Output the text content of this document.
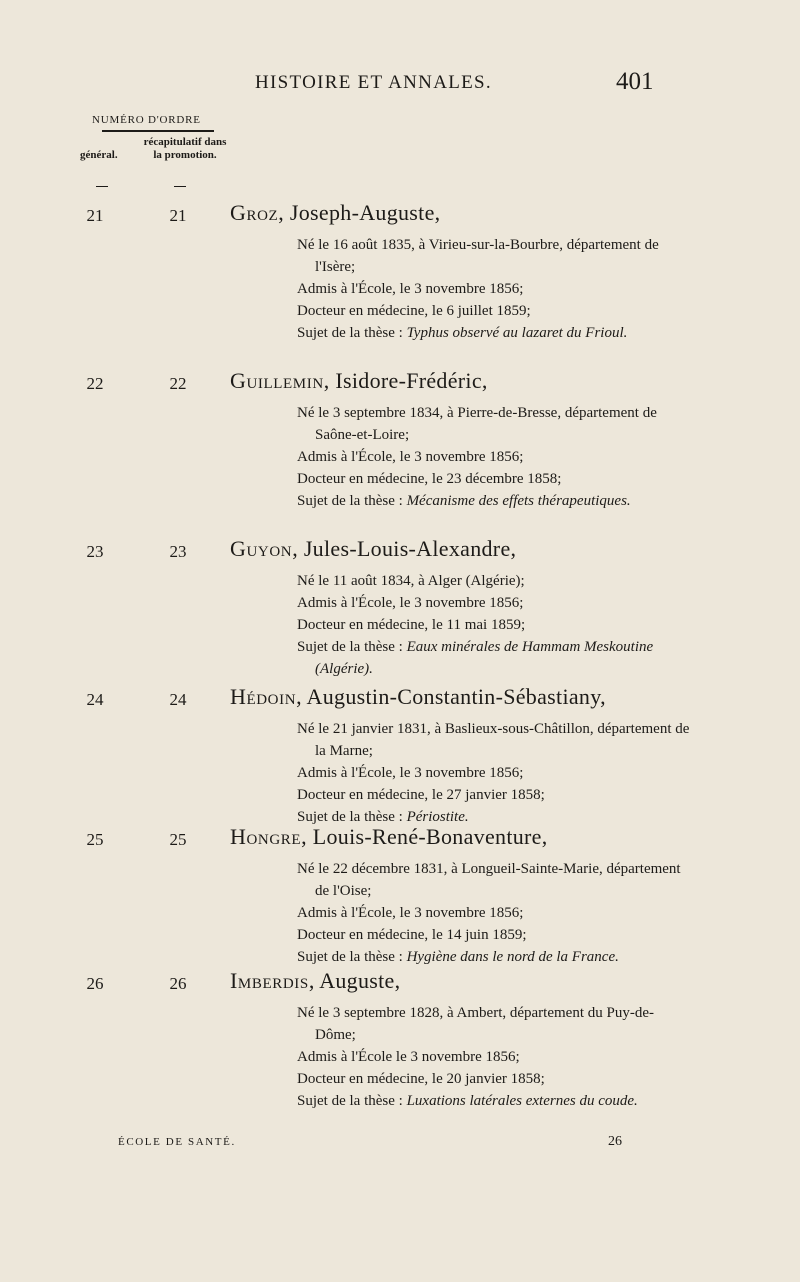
HISTOIRE ET ANNALES.	401
NUMÉRO D'ORDRE
récapitulatif dans la promotion.
général.
21	21	Groz, Joseph-Auguste,
Né le 16 août 1835, à Virieu-sur-la-Bourbre, département de l'Isère;
Admis à l'École, le 3 novembre 1856;
Docteur en médecine, le 6 juillet 1859;
Sujet de la thèse : Typhus observé au lazaret du Frioul.
22	22	Guillemin, Isidore-Frédéric,
Né le 3 septembre 1834, à Pierre-de-Bresse, département de Saône-et-Loire;
Admis à l'École, le 3 novembre 1856;
Docteur en médecine, le 23 décembre 1858;
Sujet de la thèse : Mécanisme des effets thérapeutiques.
23	23	Guyon, Jules-Louis-Alexandre,
Né le 11 août 1834, à Alger (Algérie);
Admis à l'École, le 3 novembre 1856;
Docteur en médecine, le 11 mai 1859;
Sujet de la thèse : Eaux minérales de Hammam Meskoutine (Algérie).
24	24	Hédoin, Augustin-Constantin-Sébastiany,
Né le 21 janvier 1831, à Baslieux-sous-Châtillon, département de la Marne;
Admis à l'École, le 3 novembre 1856;
Docteur en médecine, le 27 janvier 1858;
Sujet de la thèse : Périostite.
25	25	Hongre, Louis-René-Bonaventure,
Né le 22 décembre 1831, à Longueil-Sainte-Marie, département de l'Oise;
Admis à l'École, le 3 novembre 1856;
Docteur en médecine, le 14 juin 1859;
Sujet de la thèse : Hygiène dans le nord de la France.
26	26	Imberdis, Auguste,
Né le 3 septembre 1828, à Ambert, département du Puy-de-Dôme;
Admis à l'École le 3 novembre 1856;
Docteur en médecine, le 20 janvier 1858;
Sujet de la thèse : Luxations latérales externes du coude.
ÉCOLE DE SANTÉ.	26
